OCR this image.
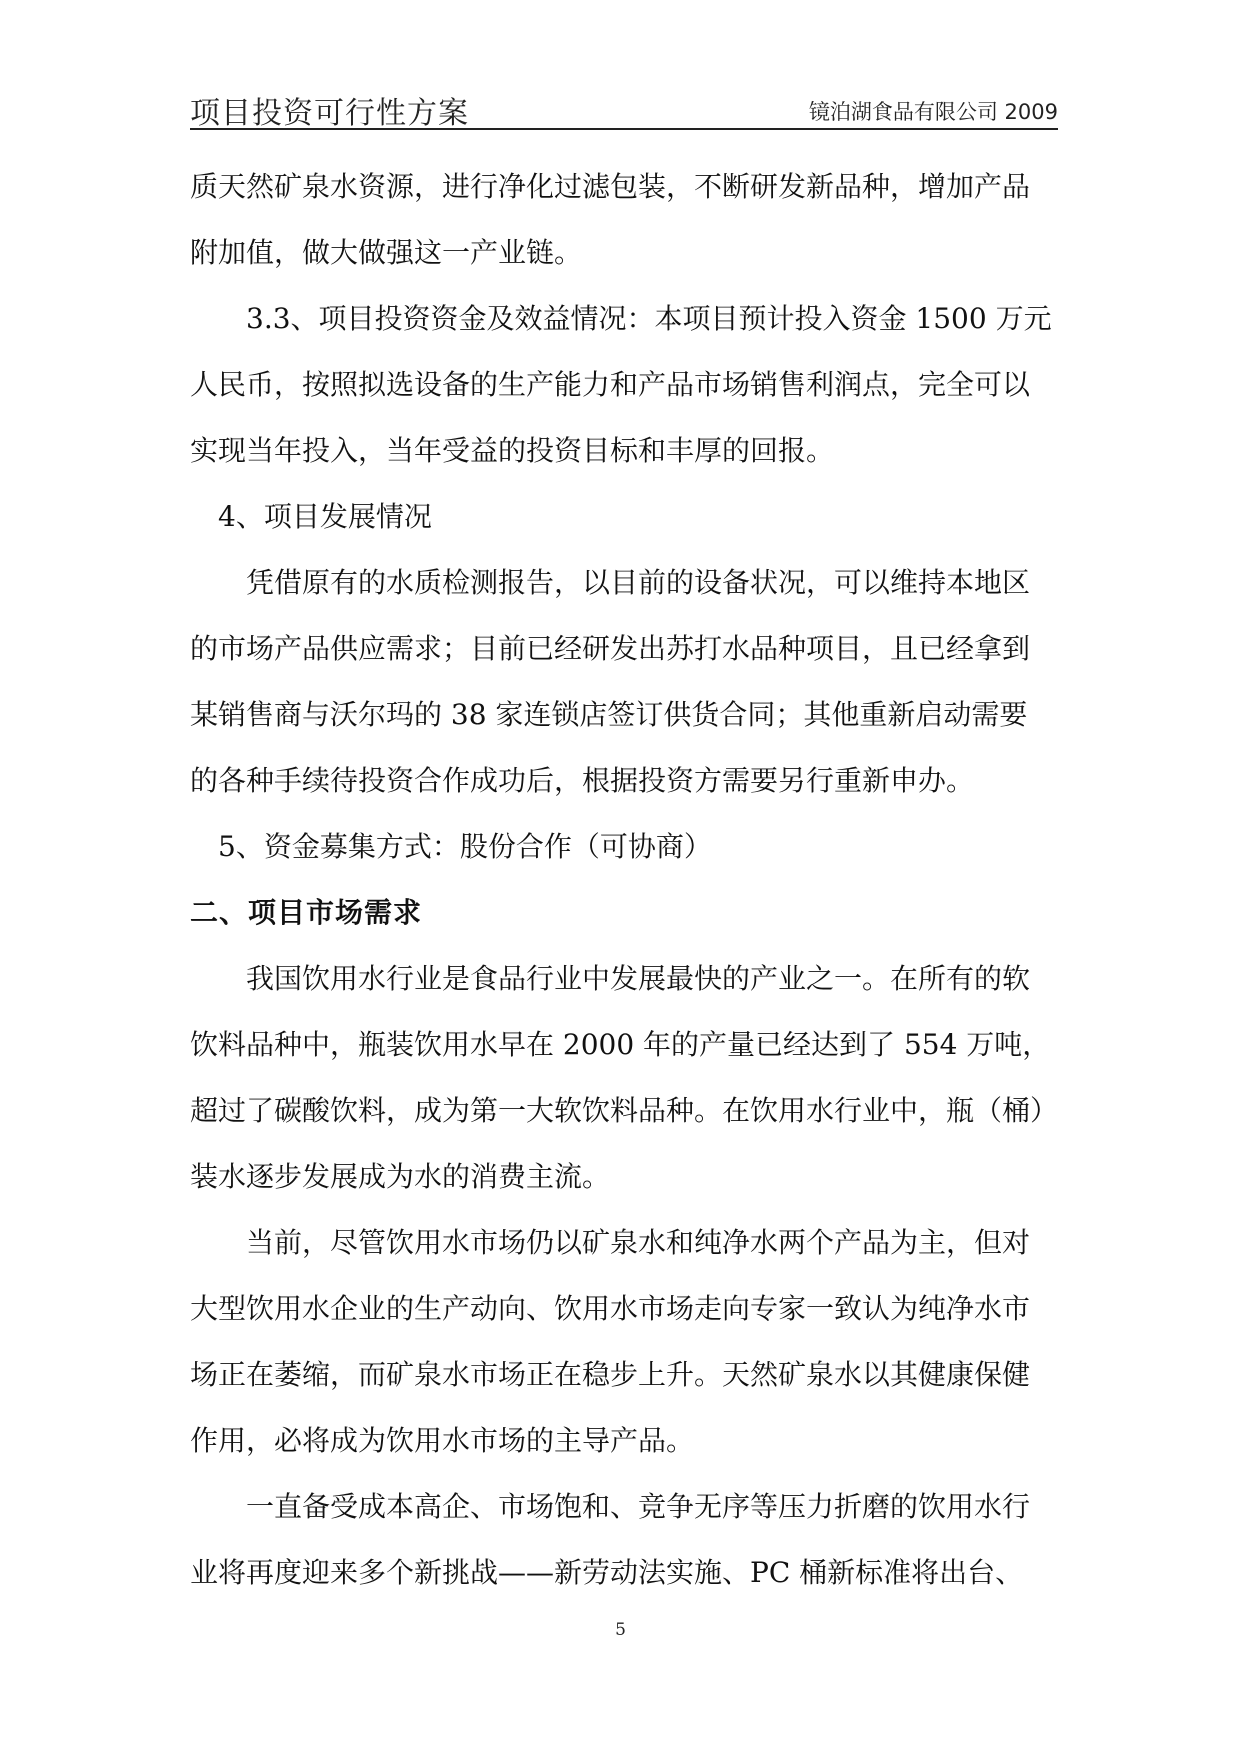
项目投资可行性方案	镜泊湖食品有限公司 2009
质天然矿泉水资源，进行净化过滤包装，不断研发新品种，增加产品
附加值，做大做强这一产业链。
3.3、项目投资资金及效益情况：本项目预计投入资金 1500 万元
人民币，按照拟选设备的生产能力和产品市场销售利润点，完全可以
实现当年投入，当年受益的投资目标和丰厚的回报。
4、项目发展情况
凭借原有的水质检测报告，以目前的设备状况，可以维持本地区
的市场产品供应需求；目前已经研发出苏打水品种项目，且已经拿到
某销售商与沃尔玛的 38 家连锁店签订供货合同；其他重新启动需要
的各种手续待投资合作成功后，根据投资方需要另行重新申办。
5、资金募集方式：股份合作（可协商）
二、项目市场需求
我国饮用水行业是食品行业中发展最快的产业之一。在所有的软
饮料品种中，瓶装饮用水早在 2000 年的产量已经达到了 554 万吨，
超过了碳酸饮料，成为第一大软饮料品种。在饮用水行业中，瓶（桶）
装水逐步发展成为水的消费主流。
当前，尽管饮用水市场仍以矿泉水和纯净水两个产品为主，但对
大型饮用水企业的生产动向、饮用水市场走向专家一致认为纯净水市
场正在萎缩，而矿泉水市场正在稳步上升。天然矿泉水以其健康保健
作用，必将成为饮用水市场的主导产品。
一直备受成本高企、市场饱和、竞争无序等压力折磨的饮用水行
业将再度迎来多个新挑战——新劳动法实施、PC 桶新标准将出台、
5
